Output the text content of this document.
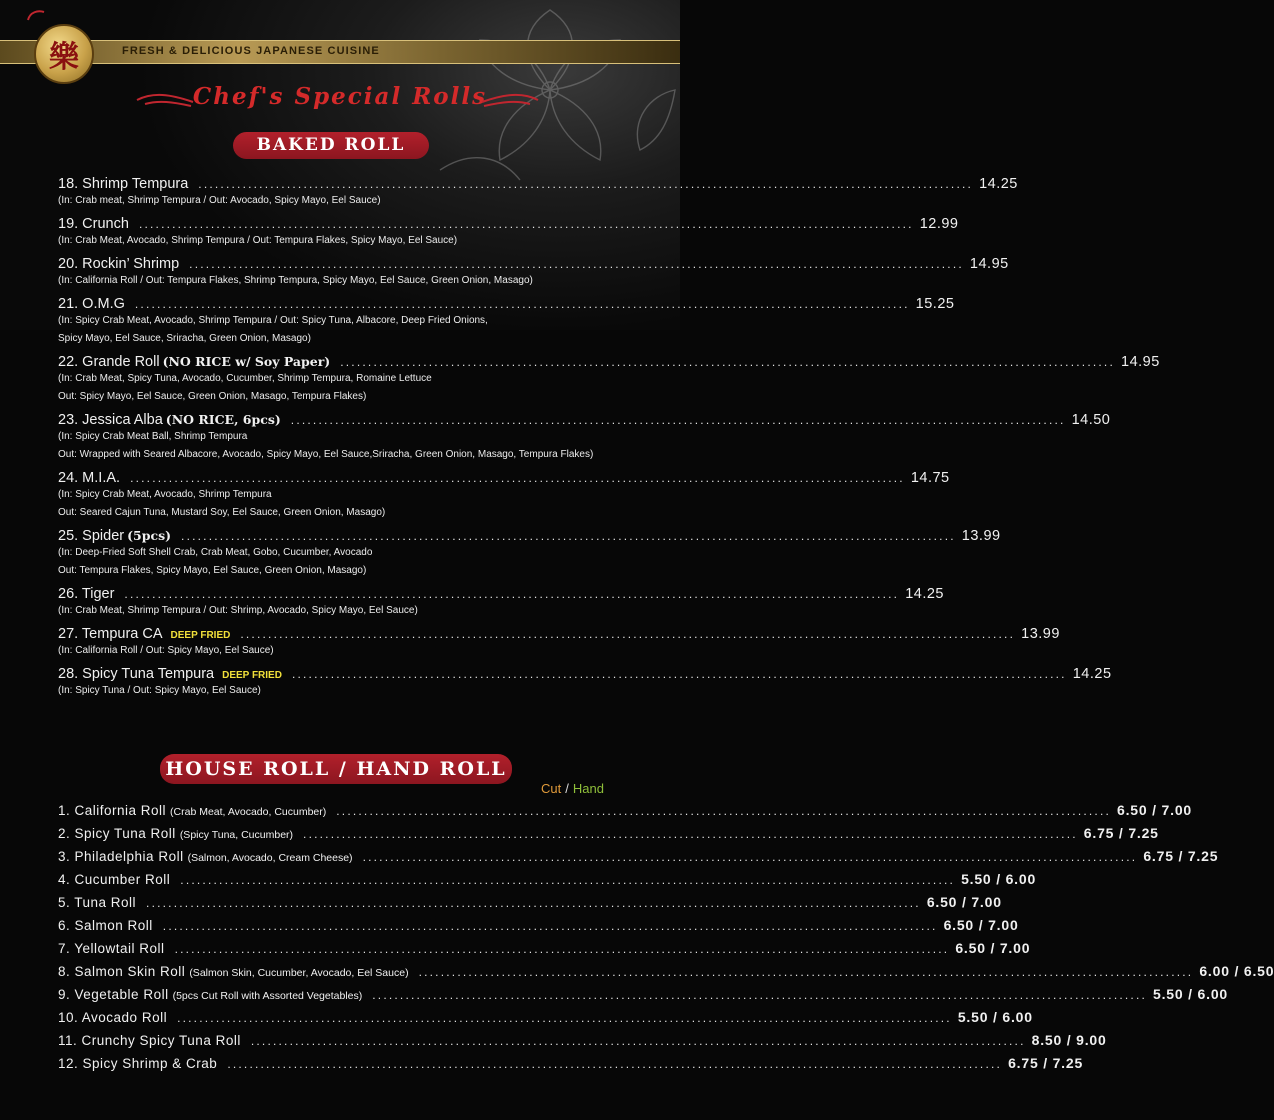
FRESH & DELICIOUS JAPANESE CUISINE
樂
Chef's Special Rolls
BAKED ROLL
18. Shrimp Tempura ............................................................................................................................................ 14.25
(In: Crab meat, Shrimp Tempura / Out: Avocado, Spicy Mayo, Eel Sauce)
19. Crunch ............................................................................................................................................ 12.99
(In: Crab Meat, Avocado, Shrimp Tempura / Out: Tempura Flakes, Spicy Mayo, Eel Sauce)
20. Rockin’ Shrimp ............................................................................................................................................ 14.95
(In: California Roll / Out: Tempura Flakes, Shrimp Tempura, Spicy Mayo, Eel Sauce, Green Onion, Masago)
21. O.M.G ............................................................................................................................................ 15.25
(In: Spicy Crab Meat, Avocado, Shrimp Tempura / Out: Spicy Tuna, Albacore, Deep Fried Onions,
Spicy Mayo, Eel Sauce, Sriracha, Green Onion, Masago)
22. Grande Roll (NO RICE w/ Soy Paper) ............................................................................................................................................ 14.95
(In: Crab Meat, Spicy Tuna, Avocado, Cucumber, Shrimp Tempura, Romaine Lettuce
Out: Spicy Mayo, Eel Sauce, Green Onion, Masago, Tempura Flakes)
23. Jessica Alba (NO RICE, 6pcs) ............................................................................................................................................ 14.50
(In: Spicy Crab Meat Ball, Shrimp Tempura
Out: Wrapped with Seared Albacore, Avocado, Spicy Mayo, Eel Sauce,Sriracha, Green Onion, Masago, Tempura Flakes)
24. M.I.A. ............................................................................................................................................ 14.75
(In: Spicy Crab Meat, Avocado, Shrimp Tempura
Out: Seared Cajun Tuna, Mustard Soy, Eel Sauce, Green Onion, Masago)
25. Spider (5pcs) ............................................................................................................................................ 13.99
(In: Deep-Fried Soft Shell Crab, Crab Meat, Gobo, Cucumber, Avocado
Out: Tempura Flakes, Spicy Mayo, Eel Sauce, Green Onion, Masago)
26. Tiger ............................................................................................................................................ 14.25
(In: Crab Meat, Shrimp Tempura / Out: Shrimp, Avocado, Spicy Mayo, Eel Sauce)
27. Tempura CA DEEP FRIED ............................................................................................................................................ 13.99
(In: California Roll / Out: Spicy Mayo, Eel Sauce)
28. Spicy Tuna Tempura DEEP FRIED ............................................................................................................................................ 14.25
(In: Spicy Tuna / Out: Spicy Mayo, Eel Sauce)
HOUSE ROLL / HAND ROLL
Cut / Hand
1. California Roll (Crab Meat, Avocado, Cucumber) ............................................................................................................................................ 6.50 / 7.00
2. Spicy Tuna Roll (Spicy Tuna, Cucumber) ............................................................................................................................................ 6.75 / 7.25
3. Philadelphia Roll (Salmon, Avocado, Cream Cheese) ............................................................................................................................................ 6.75 / 7.25
4. Cucumber Roll ............................................................................................................................................ 5.50 / 6.00
5. Tuna Roll ............................................................................................................................................ 6.50 / 7.00
6. Salmon Roll ............................................................................................................................................ 6.50 / 7.00
7. Yellowtail Roll ............................................................................................................................................ 6.50 / 7.00
8. Salmon Skin Roll (Salmon Skin, Cucumber, Avocado, Eel Sauce) ............................................................................................................................................ 6.00 / 6.50
9. Vegetable Roll (5pcs Cut Roll with Assorted Vegetables) ............................................................................................................................................ 5.50 / 6.00
10. Avocado Roll ............................................................................................................................................ 5.50 / 6.00
11. Crunchy Spicy Tuna Roll ............................................................................................................................................ 8.50 / 9.00
12. Spicy Shrimp & Crab ............................................................................................................................................ 6.75 / 7.25
